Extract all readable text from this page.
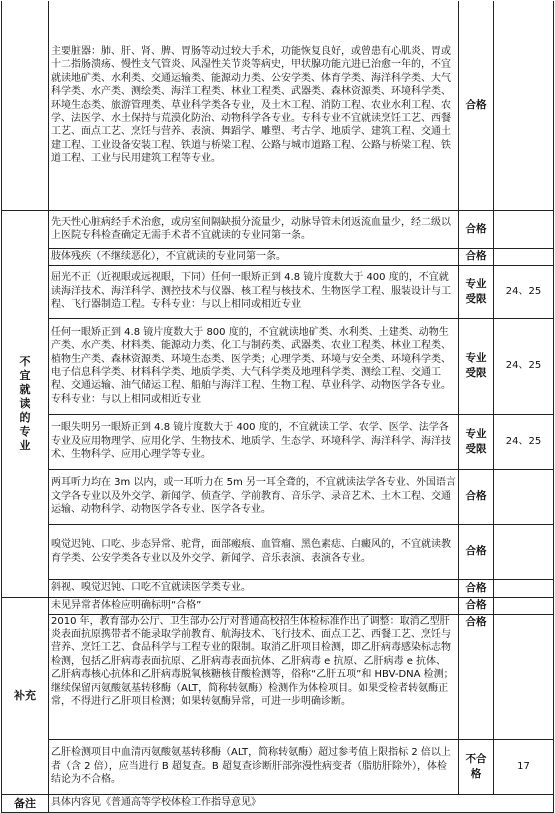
	主要脏器：肺、肝、肾、脾、胃肠等动过较大手术，功能恢复良好，或曾患有心肌炎、胃或十二指肠溃疡、慢性支气管炎、风湿性关节炎等病史，甲状腺功能亢进已治愈一年的，不宜就读地矿类、水利类、交通运输类、能源动力类、公安学类、体育学类、海洋科学类、大气科学类、水产类、测绘类、海洋工程类、林业工程类、武器类、森林资源类、环境科学类、环境生态类、旅游管理类、草业科学类各专业，及土木工程、消防工程、农业水利工程、农学、法医学、水土保持与荒漠化防治、动物科学各专业。专科专业不宜就读烹饪工艺、西餐工艺、面点工艺、烹饪与营养、表演、舞蹈学、雕塑、考古学、地质学、建筑工程、交通土建工程、工业设备安装工程、铁道与桥梁工程、公路与城市道路工程、公路与桥梁工程、铁道工程、工业与民用建筑工程等专业。	合格	
不宜就读的专业	先天性心脏病经手术治愈，或房室间隔缺损分流量少，动脉导管未闭返流血量少，经二级以上医院专科检查确定无需手术者不宜就读的专业同第一条。	合格	
	肢体残疾（不继续恶化），不宜就读的专业同第一条。	合格	
	屈光不正（近视眼或远视眼，下同）任何一眼矫正到 4.8 镜片度数大于 400 度的，不宜就读海洋技术、海洋科学、测控技术与仪器、核工程与核技术、生物医学工程、服装设计与工程、飞行器制造工程。专科专业：与以上相同或相近专业	专业受限	24、25
	任何一眼矫正到 4.8 镜片度数大于 800 度的，不宜就读地矿类、水利类、土建类、动物生产类、水产类、材料类、能源动力类、化工与制药类、武器类、农业工程类、林业工程类、植物生产类、森林资源类、环境生态类、医学类；心理学类、环境与安全类、环境科学类、电子信息科学类、材料科学类、地质学类、大气科学类及地理科学类、测绘工程、交通工程、交通运输、油气储运工程、船舶与海洋工程、生物工程、草业科学、动物医学各专业。专科专业：与以上相同或相近专业	专业受限	24、25
	一眼失明另一眼矫正到 4.8 镜片度数大于 400 度的，不宜就读工学、农学、医学、法学各专业及应用物理学、应用化学、生物技术、地质学、生态学、环境科学、海洋科学、海洋技术、生物科学、应用心理学等专业。	专业受限	24、25
	两耳听力均在 3m 以内，或一耳听力在 5m 另一耳全聋的，不宜就读法学各专业、外国语言文学各专业以及外交学、新闻学、侦查学、学前教育、音乐学、录音艺术、土木工程、交通运输、动物科学、动物医学各专业、医学各专业。	合格	
	嗅觉迟钝、口吃、步态异常、驼背，面部瘢痕、血管瘤、黑色素痣、白癜风的，不宜就读教育学类、公安学类各专业以及外交学、新闻学、音乐表演、表演各专业。	合格	
	斜视、嗅觉迟钝、口吃不宜就读医学类专业。	合格	
补充	未见异常者体检应明确标明“合格”	合格	
	2010 年，教育部办公厅、卫生部办公厅对普通高校招生体检标准作出了调整：取消乙型肝炎表面抗原携带者不能录取学前教育、航海技术、飞行技术、面点工艺、西餐工艺、烹饪与营养、烹饪工艺、食品科学与工程专业的限制。取消乙肝项目检测，即乙肝病毒感染标志物检测，包括乙肝病毒表面抗原、乙肝病毒表面抗体、乙肝病毒 e 抗原、乙肝病毒 e 抗体、乙肝病毒核心抗体和乙肝病毒脱氧核糖核苷酸检测等，俗称“乙肝五项”和 HBV-DNA 检测；继续保留丙氨酸氨基转移酶（ALT，简称转氨酶）检测作为体检项目。如果受检者转氨酶正常，不得进行乙肝项目检测；如果转氨酶异常，可进一步明确诊断。	合格	
	乙肝检测项目中血清丙氨酸氨基转移酶（ALT，简称转氨酶）超过参考值上限指标 2 倍以上者（含 2 倍），应当进行 B 超复查。B 超复查诊断肝部弥漫性病变者（脂肪肝除外），体检结论为不合格。	不合格	17
备注	具体内容见《普通高等学校体检工作指导意见》		
